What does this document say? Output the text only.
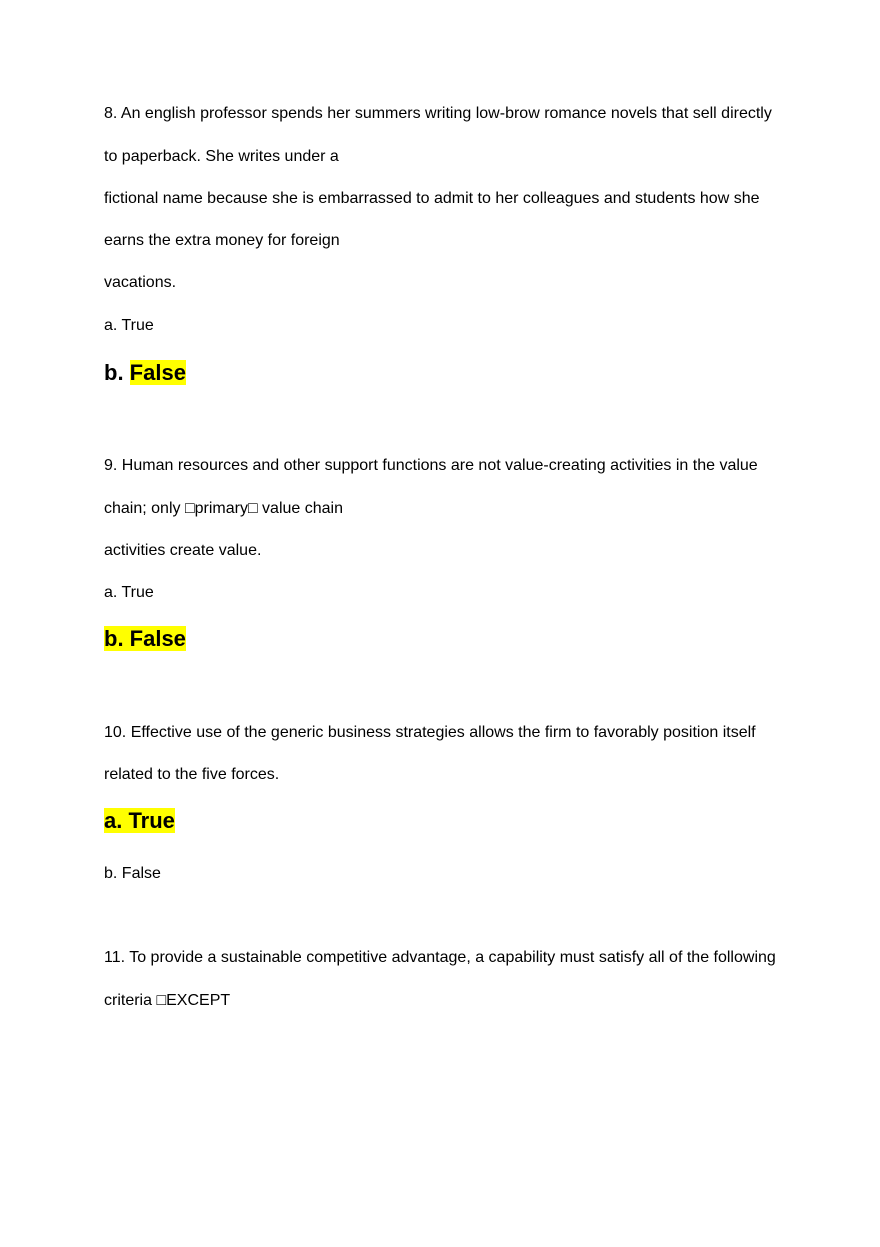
8. An english professor spends her summers writing low-brow romance novels that sell directly
to paperback. She writes under a
fictional name because she is embarrassed to admit to her colleagues and students how she
earns the extra money for foreign
vacations.
a. True
b. False
9. Human resources and other support functions are not value-creating activities in the value
chain; only □primary□ value chain
activities create value.
a. True
b. False
10. Effective use of the generic business strategies allows the firm to favorably position itself
related to the five forces.
a. True
b. False
11. To provide a sustainable competitive advantage, a capability must satisfy all of the following
criteria □EXCEPT
